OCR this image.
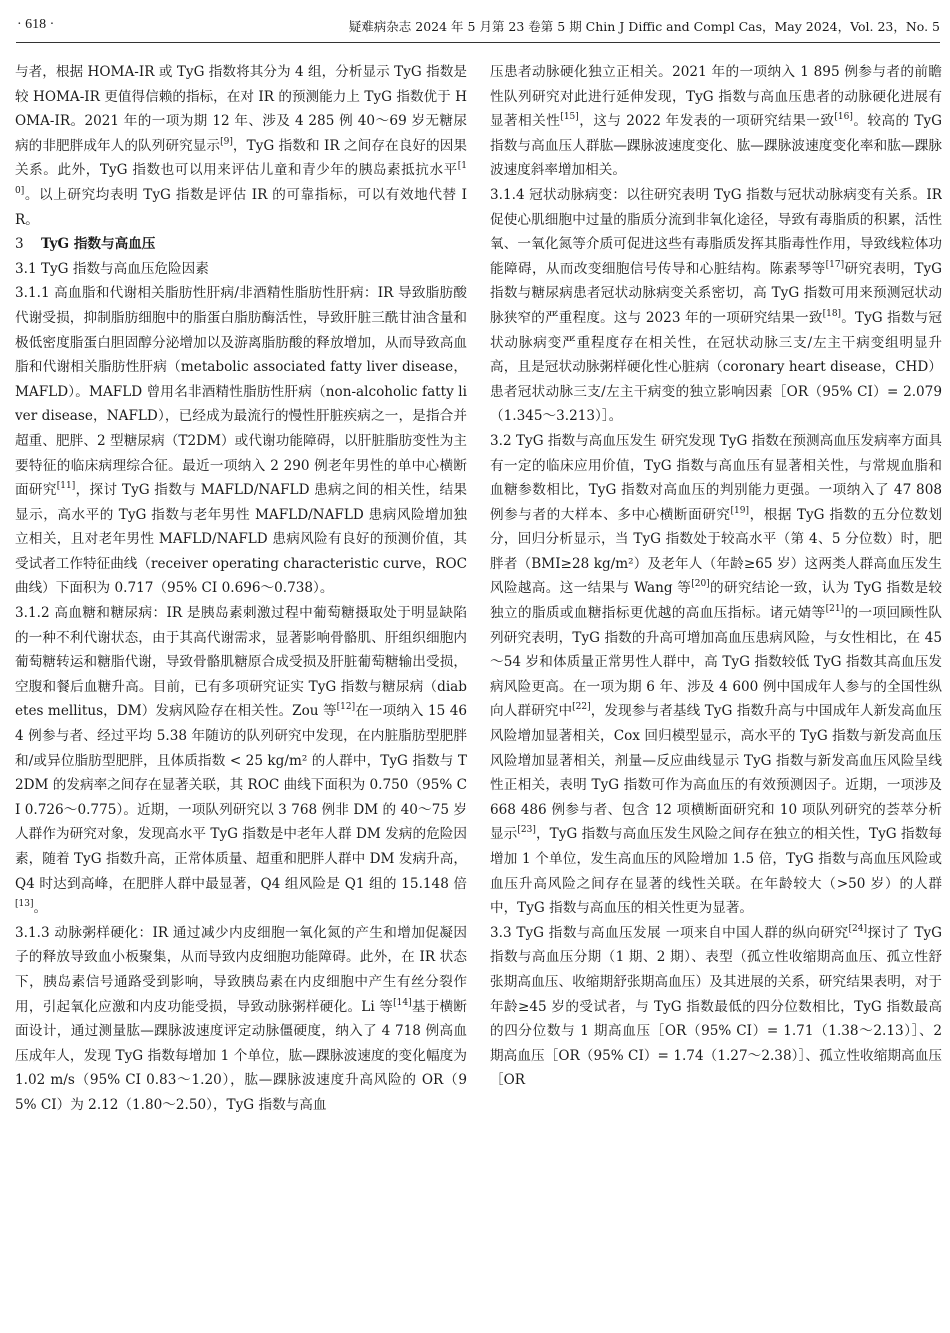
· 618 ·	疑难病杂志 2024 年 5 月第 23 卷第 5 期 Chin J Diffic and Compl Cas，May 2024，Vol. 23，No. 5

与者，根据 HOMA-IR 或 TyG 指数将其分为 4 组，分析显示 TyG 指数是较 HOMA-IR 更值得信赖的指标，在对 IR 的预测能力上 TyG 指数优于 HOMA-IR。2021 年的一项为期 12 年、涉及 4 285 例 40～69 岁无糖尿病的非肥胖成年人的队列研究显示[9]，TyG 指数和 IR 之间存在良好的因果关系。此外，TyG 指数也可以用来评估儿童和青少年的胰岛素抵抗水平[10]。以上研究均表明 TyG 指数是评估 IR 的可靠指标，可以有效地代替 IR。

3 TyG 指数与高血压

3.1 TyG 指数与高血压危险因素

3.1.1 高血脂和代谢相关脂肪性肝病/非酒精性脂肪性肝病：IR 导致脂肪酸代谢受损，抑制脂肪细胞中的脂蛋白脂肪酶活性，导致肝脏三酰甘油含量和极低密度脂蛋白胆固醇分泌增加以及游离脂肪酸的释放增加，从而导致高血脂和代谢相关脂肪性肝病（metabolic associated fatty liver disease，MAFLD）。MAFLD 曾用名非酒精性脂肪性肝病（non-alcoholic fatty liver disease，NAFLD），已经成为最流行的慢性肝脏疾病之一，是指合并超重、肥胖、2 型糖尿病（T2DM）或代谢功能障碍，以肝脏脂肪变性为主要特征的临床病理综合征。最近一项纳入 2 290 例老年男性的单中心横断面研究[11]，探讨 TyG 指数与 MAFLD/NAFLD 患病之间的相关性，结果显示，高水平的 TyG 指数与老年男性 MAFLD/NAFLD 患病风险增加独立相关，且对老年男性 MAFLD/NAFLD 患病风险有良好的预测价值，其受试者工作特征曲线（receiver operating characteristic curve，ROC 曲线）下面积为 0.717（95% CI 0.696～0.738）。

3.1.2 高血糖和糖尿病：IR 是胰岛素刺激过程中葡萄糖摄取处于明显缺陷的一种不利代谢状态，由于其高代谢需求，显著影响骨骼肌、肝组织细胞内葡萄糖转运和糖脂代谢，导致骨骼肌糖原合成受损及肝脏葡萄糖输出受损，空腹和餐后血糖升高。目前，已有多项研究证实 TyG 指数与糖尿病（diabetes mellitus，DM）发病风险存在相关性。Zou 等[12]在一项纳入 15 464 例参与者、经过平均 5.38 年随访的队列研究中发现，在内脏脂肪型肥胖和/或异位脂肪型肥胖，且体质指数 < 25 kg/m² 的人群中，TyG 指数与 T2DM 的发病率之间存在显著关联，其 ROC 曲线下面积为 0.750（95% CI 0.726～0.775）。近期，一项队列研究以 3 768 例非 DM 的 40～75 岁人群作为研究对象，发现高水平 TyG 指数是中老年人群 DM 发病的危险因素，随着 TyG 指数升高，正常体质量、超重和肥胖人群中 DM 发病升高，Q4 时达到高峰，在肥胖人群中最显著，Q4 组风险是 Q1 组的 15.148 倍[13]。

3.1.3 动脉粥样硬化：IR 通过减少内皮细胞一氧化氮的产生和增加促凝因子的释放导致血小板聚集，从而导致内皮细胞功能障碍。此外，在 IR 状态下，胰岛素信号通路受到影响，导致胰岛素在内皮细胞中产生有丝分裂作用，引起氧化应激和内皮功能受损，导致动脉粥样硬化。Li 等[14]基于横断面设计，通过测量肱—踝脉波速度评定动脉僵硬度，纳入了 4 718 例高血压成年人，发现 TyG 指数每增加 1 个单位，肱—踝脉波速度的变化幅度为 1.02 m/s（95% CI 0.83～1.20），肱—踝脉波速度升高风险的 OR（95% CI）为 2.12（1.80～2.50），TyG 指数与高血

压患者动脉硬化独立正相关。2021 年的一项纳入 1 895 例参与者的前瞻性队列研究对此进行延伸发现，TyG 指数与高血压患者的动脉硬化进展有显著相关性[15]，这与 2022 年发表的一项研究结果一致[16]。较高的 TyG 指数与高血压人群肱—踝脉波速度变化、肱—踝脉波速度变化率和肱—踝脉波速度斜率增加相关。

3.1.4 冠状动脉病变：以往研究表明 TyG 指数与冠状动脉病变有关系。IR 促使心肌细胞中过量的脂质分流到非氧化途径，导致有毒脂质的积累，活性氧、一氧化氮等介质可促进这些有毒脂质发挥其脂毒性作用，导致线粒体功能障碍，从而改变细胞信号传导和心脏结构。陈素琴等[17]研究表明，TyG 指数与糖尿病患者冠状动脉病变关系密切，高 TyG 指数可用来预测冠状动脉狭窄的严重程度。这与 2023 年的一项研究结果一致[18]。TyG 指数与冠状动脉病变严重程度存在相关性，在冠状动脉三支/左主干病变组明显升高，且是冠状动脉粥样硬化性心脏病（coronary heart disease，CHD）患者冠状动脉三支/左主干病变的独立影响因素［OR（95% CI）= 2.079（1.345～3.213）］。

3.2 TyG 指数与高血压发生 研究发现 TyG 指数在预测高血压发病率方面具有一定的临床应用价值，TyG 指数与高血压有显著相关性，与常规血脂和血糖参数相比，TyG 指数对高血压的判别能力更强。一项纳入了 47 808 例参与者的大样本、多中心横断面研究[19]，根据 TyG 指数的五分位数划分，回归分析显示，当 TyG 指数处于较高水平（第 4、5 分位数）时，肥胖者（BMI≥28 kg/m²）及老年人（年龄≥65 岁）这两类人群高血压发生风险越高。这一结果与 Wang 等[20]的研究结论一致，认为 TyG 指数是较独立的脂质或血糖指标更优越的高血压指标。诸元婧等[21]的一项回顾性队列研究表明，TyG 指数的升高可增加高血压患病风险，与女性相比，在 45～54 岁和体质量正常男性人群中，高 TyG 指数较低 TyG 指数其高血压发病风险更高。在一项为期 6 年、涉及 4 600 例中国成年人参与的全国性纵向人群研究中[22]，发现参与者基线 TyG 指数升高与中国成年人新发高血压风险增加显著相关，Cox 回归模型显示，高水平的 TyG 指数与新发高血压风险增加显著相关，剂量—反应曲线显示 TyG 指数与新发高血压风险呈线性正相关，表明 TyG 指数可作为高血压的有效预测因子。近期，一项涉及 668 486 例参与者、包含 12 项横断面研究和 10 项队列研究的荟萃分析显示[23]，TyG 指数与高血压发生风险之间存在独立的相关性，TyG 指数每增加 1 个单位，发生高血压的风险增加 1.5 倍，TyG 指数与高血压风险或血压升高风险之间存在显著的线性关联。在年龄较大（>50 岁）的人群中，TyG 指数与高血压的相关性更为显著。

3.3 TyG 指数与高血压发展 一项来自中国人群的纵向研究[24]探讨了 TyG 指数与高血压分期（1 期、2 期）、表型（孤立性收缩期高血压、孤立性舒张期高血压、收缩期舒张期高血压）及其进展的关系，研究结果表明，对于年龄≥45 岁的受试者，与 TyG 指数最低的四分位数相比，TyG 指数最高的四分位数与 1 期高血压［OR（95% CI）= 1.71（1.38～2.13）］、2 期高血压［OR（95% CI）= 1.74（1.27～2.38）］、孤立性收缩期高血压［OR
